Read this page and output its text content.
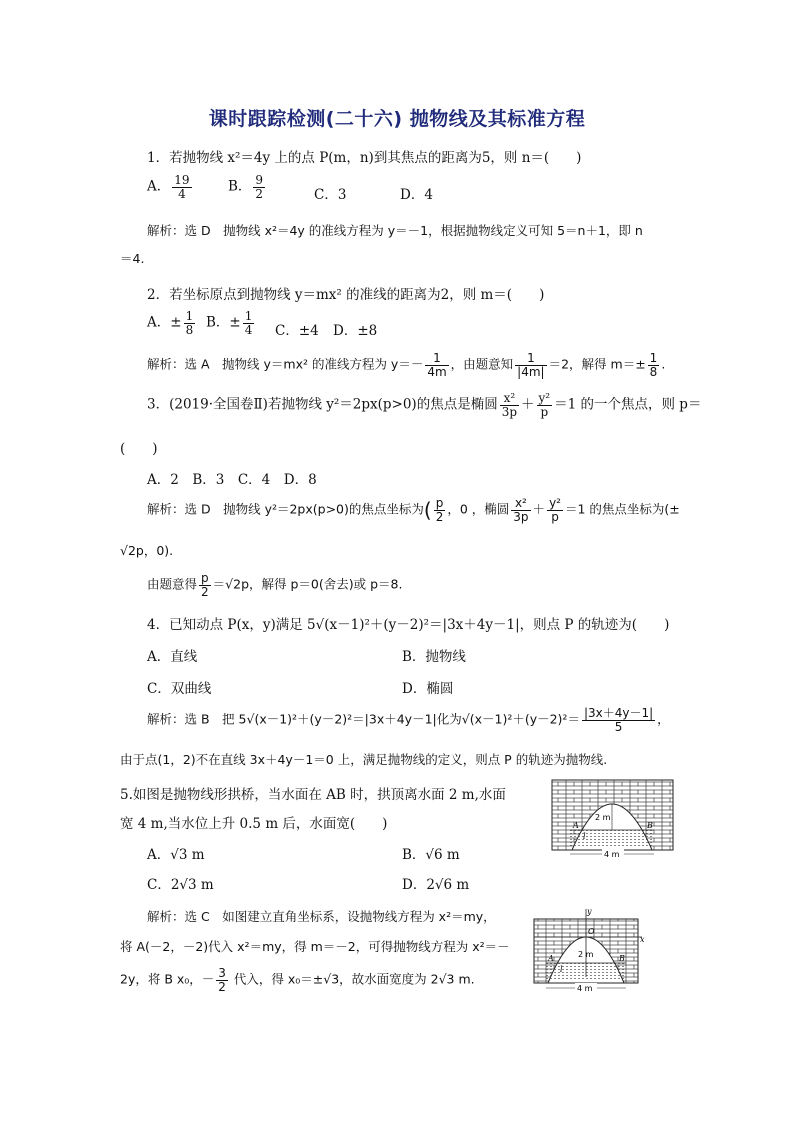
课时跟踪检测(二十六) 抛物线及其标准方程
1．若抛物线 x²＝4y 上的点 P(m，n)到其焦点的距离为5，则 n＝(　　)
A． $\frac{19}{4}$	B． $\frac{9}{2}$	C．3	D．4
解析：选 D　抛物线 x²＝4y 的准线方程为 y＝－1，根据抛物线定义可知 5＝n＋1，即 n
＝4.
2．若坐标原点到抛物线 y＝mx² 的准线的距离为2，则 m＝(　　)
A．± $\frac{1}{8}$ B．± $\frac{1}{4}$ C．±4 D．±8
解析：选 A　抛物线 y＝mx² 的准线方程为 $y=- \frac{1}{4m}$ ，由题意知 $\frac{1}{|4m|} =2$，解得 $m=\pm \frac{1}{8}$ .
3．(2019·全国卷Ⅱ)若抛物线 y²＝2px(p>0)的焦点是椭圆 $\frac{\text{x²}}{3p} + \frac{\text{y²}}{p} =1$ 的一个焦点，则 p＝
(　　)
A．2　B．3　C．4　D．8
解析：选 D　抛物线 y²＝2px(p>0)的焦点坐标为( $\frac{p}{2}$ ，0 ，椭圆 $\frac{\text{x²}}{3p} + \frac{\text{y²}}{p} =1$ 的焦点坐标为(±
√2p，0).
由题意得 $\frac{p}{2} =√2p$，解得 p＝0(舍去)或 p＝8.
4．已知动点 P(x，y)满足 5√(x－1)²＋(y－2)²＝|3x＋4y－1|，则点 P 的轨迹为(　　)
A．直线	B．抛物线
C．双曲线	D．椭圆
解析：选 B　把 5√(x－1)²＋(y－2)²＝|3x＋4y－1|化为$√(x-1)^2+(y-2)^2= \frac{|3x+4y-1|}{5}$ ，
由于点(1，2)不在直线 3x＋4y－1＝0 上，满足抛物线的定义，则点 P 的轨迹为抛物线.
5.如图是抛物线形拱桥，当水面在 AB 时，拱顶离水面 2 m,水面
宽 4 m,当水位上升 0.5 m 后，水面宽(　　)
A．√3 m	B．√6 m
C．2√3 m	D．2√6 m
解析：选 C　如图建立直角坐标系，设抛物线方程为 x²＝my，
将 A(－2，－2)代入 x²＝my，得 m＝－2，可得抛物线方程为 x²＝－
2y，将 B x₀，－ $\frac{3}{2}$ 代入，得 x₀＝±√3，故水面宽度为 2√3 m.
2 m
A	B
l
4 m
y
x
O
2 m
A	B
l
4 m
